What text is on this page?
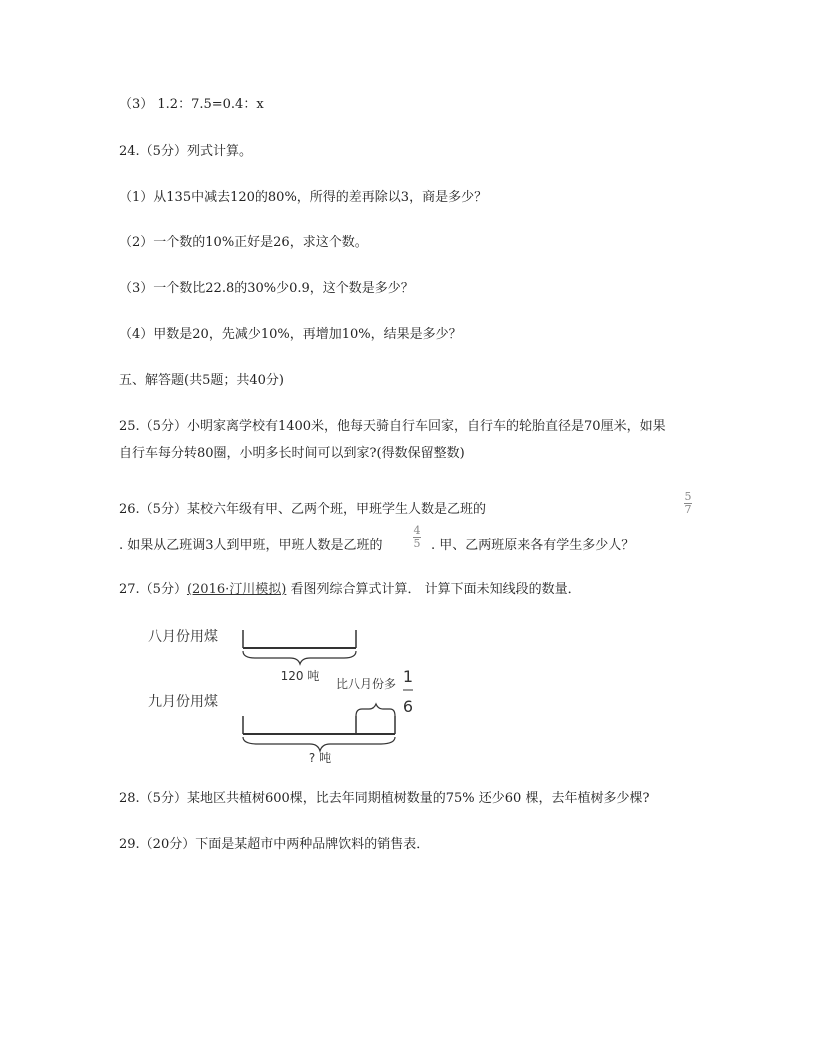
（3） 1.2：7.5=0.4：x
24.（5分）列式计算。
（1）从135中减去120的80%，所得的差再除以3，商是多少？
（2）一个数的10%正好是26，求这个数。
（3）一个数比22.8的30%少0.9，这个数是多少？
（4）甲数是20，先减少10%，再增加10%，结果是多少？
五、解答题(共5题；共40分)
25.（5分）小明家离学校有1400米，他每天骑自行车回家，自行车的轮胎直径是70厘米，如果
自行车每分转80圈，小明多长时间可以到家?(得数保留整数)
26.（5分）某校六年级有甲、乙两个班，甲班学生人数是乙班的
5
7
. 如果从乙班调3人到甲班，甲班人数是乙班的
4
5 . 甲、乙两班原来各有学生多少人？
27.（5分）(2016·汀川模拟) 看图列综合算式计算． 计算下面未知线段的数量．
八月份用煤
120 吨
比八月份多 1
6
九月份用煤
? 吨
28.（5分）某地区共植树600棵，比去年同期植树数量的75% 还少60 棵，去年植树多少棵?
29.（20分）下面是某超市中两种品牌饮料的销售表．
